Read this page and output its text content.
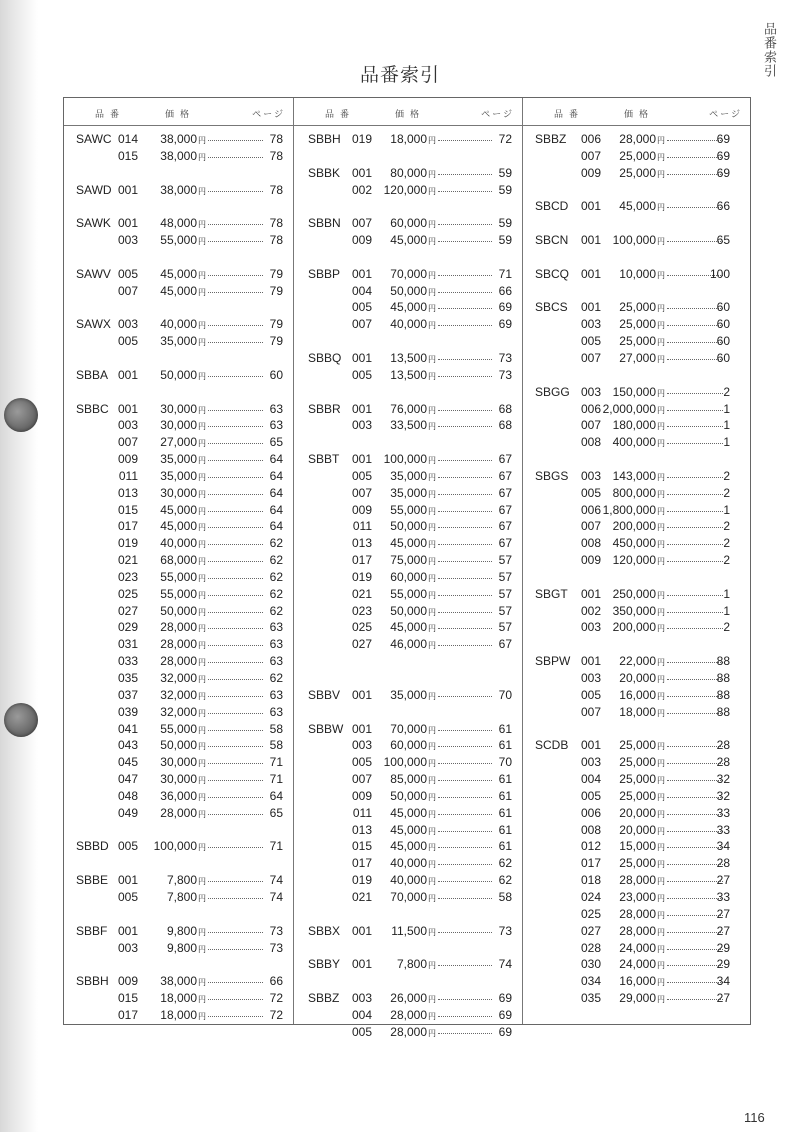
品番索引
品番索引
品番	価格	ページ
SAWC 014	38,000円	78
015	38,000円	78
SAWD 001	38,000円	78
SAWK 001	48,000円	78
003	55,000円	78
SAWV 005	45,000円	79
007	45,000円	79
SAWX 003	40,000円	79
005	35,000円	79
SBBA 001	50,000円	60
SBBC 001	30,000円	63
003	30,000円	63
007	27,000円	65
009	35,000円	64
011	35,000円	64
013	30,000円	64
015	45,000円	64
017	45,000円	64
019	40,000円	62
021	68,000円	62
023	55,000円	62
025	55,000円	62
027	50,000円	62
029	28,000円	63
031	28,000円	63
033	28,000円	63
035	32,000円	62
037	32,000円	63
039	32,000円	63
041	55,000円	58
043	50,000円	58
045	30,000円	71
047	30,000円	71
048	36,000円	64
049	28,000円	65
SBBD 005	100,000円	71
SBBE 001	7,800円	74
005	7,800円	74
SBBF 001	9,800円	73
003	9,800円	73
SBBH 009	38,000円	66
015	18,000円	72
017	18,000円	72
品番	価格	ページ
SBBH 019	18,000円	72
SBBK 001	80,000円	59
002 120,000円	59
SBBN 007	60,000円	59
009	45,000円	59
SBBP 001	70,000円	71
004	50,000円	66
005	45,000円	69
007	40,000円	69
SBBQ 001	13,500円	73
005	13,500円	73
SBBR 001	76,000円	68
003	33,500円	68
SBBT	001 100,000円	67
005	35,000円	67
007	35,000円	67
009	55,000円	67
011	50,000円	67
013	45,000円	67
017	75,000円	57
019	60,000円	57
021	55,000円	57
023	50,000円	57
025	45,000円	57
027	46,000円	67
SBBV 001	35,000円	70
SBBW 001	70,000円	61
003	60,000円	61
005 100,000円	70
007	85,000円	61
009	50,000円	61
011	45,000円	61
013	45,000円	61
015	45,000円	61
017	40,000円	62
019	40,000円	62
021	70,000円	58
SBBX 001	11,500円	73
SBBY 001	7,800円	74
SBBZ	003	26,000円	69
004	28,000円	69
005	28,000円	69
品番	価格	ページ
SBBZ	006	28,000円	69
007	25,000円	69
009	25,000円	69
SBCD	001	45,000円	66
SBCN	001 100,000円	65
SBCQ 001	10,000円	100
SBCS	001	25,000円	60
003	25,000円	60
005	25,000円	60
007	27,000円	60
SBGG 003 150,000円	2
006 2,000,000円	1
007 180,000円	1
008 400,000円	1
SBGS	003 143,000円	2
005 800,000円	2
006 1,800,000円	1
007 200,000円	2
008 450,000円	2
009 120,000円	2
SBGT	001 250,000円	1
002 350,000円	1
003 200,000円	2
SBPW 001	22,000円	88
003	20,000円	88
005	16,000円	88
007	18,000円	88
SCDB	001	25,000円	28
003	25,000円	28
004	25,000円	32
005	25,000円	32
006	20,000円	33
008	20,000円	33
012	15,000円	34
017	25,000円	28
018	28,000円	27
024	23,000円	33
025	28,000円	27
027	28,000円	27
028	24,000円	29
030	24,000円	29
034	16,000円	34
035	29,000円	27
116
